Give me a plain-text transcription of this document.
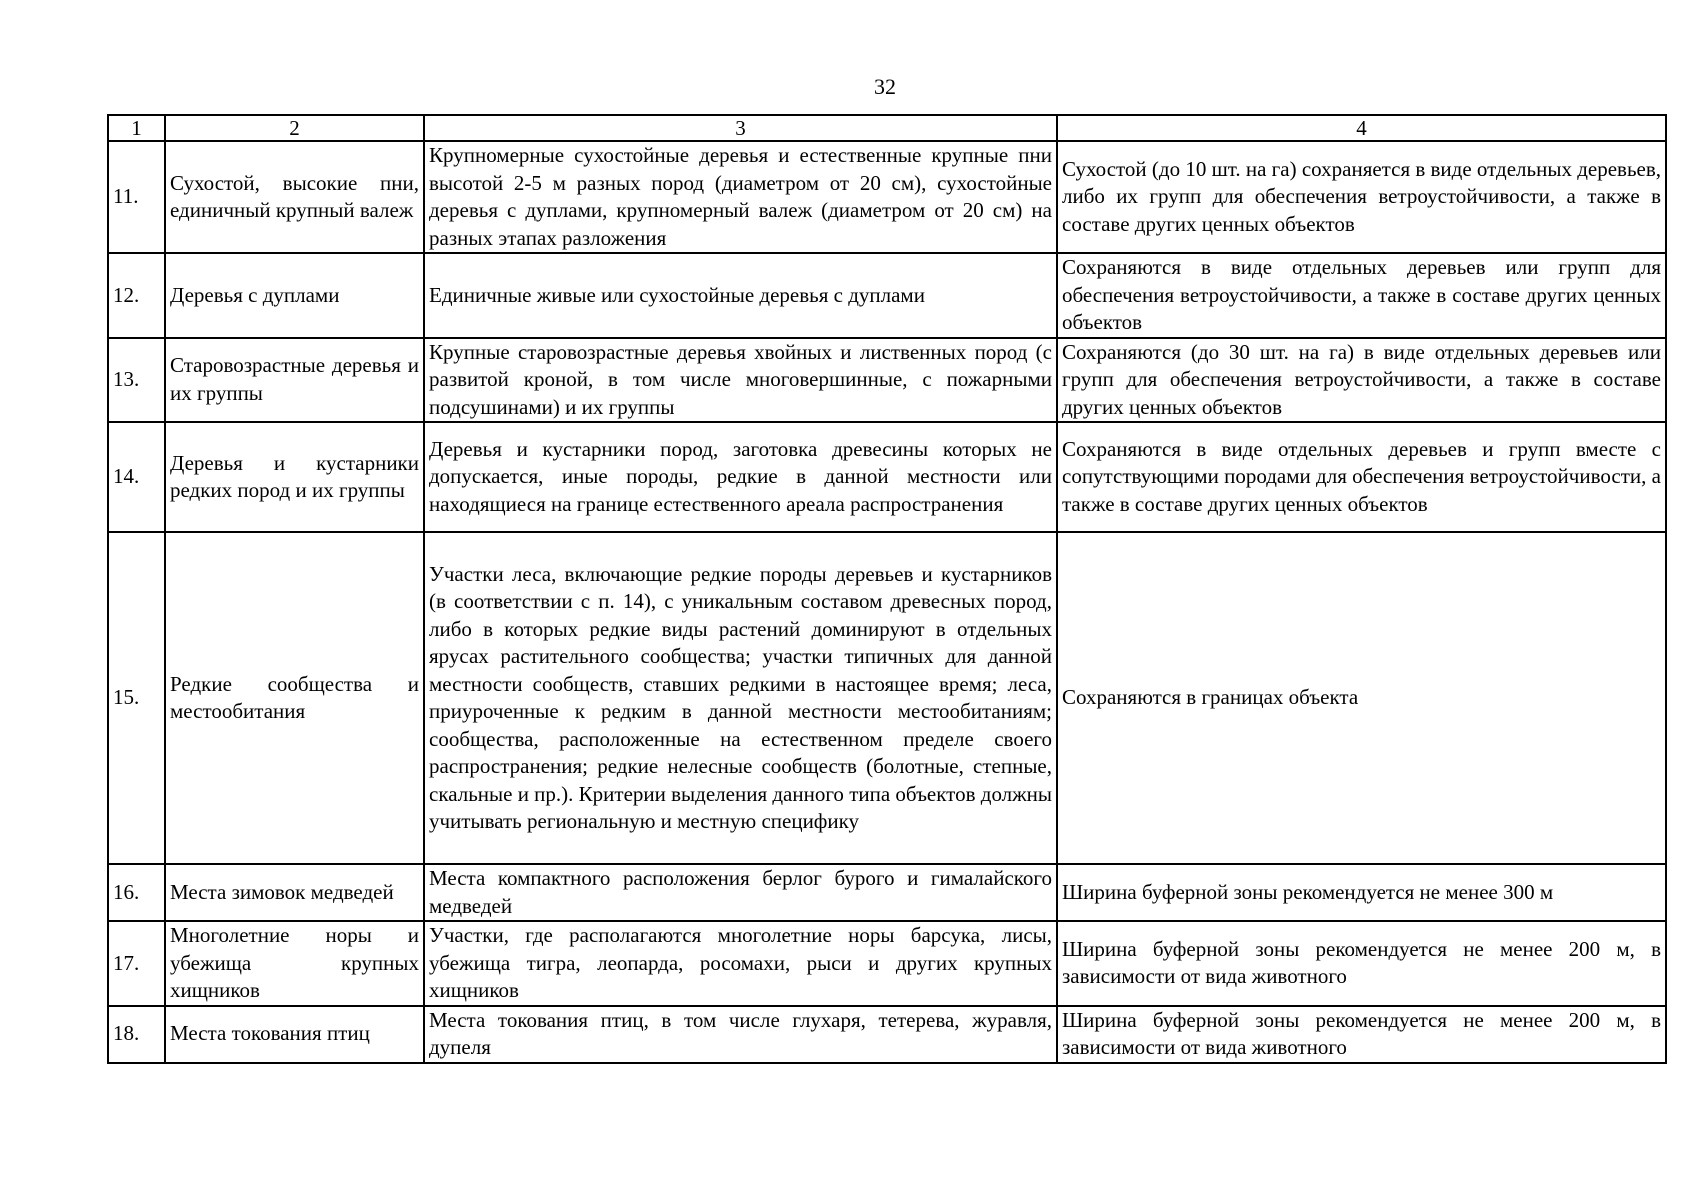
32
1	2	3	4
11.	Сухостой, высокие пни, единичный крупный валеж	Крупномерные сухостойные деревья и естественные крупные пни высотой 2-5 м разных пород (диаметром от 20 см), сухостойные деревья с дуплами, крупномерный валеж (диаметром от 20 см) на разных этапах разложения	Сухостой (до 10 шт. на га) сохраняется в виде отдельных деревьев, либо их групп для обеспечения ветроустойчивости, а также в составе других ценных объектов
12.	Деревья с дуплами	Единичные живые или сухостойные деревья с дуплами	Сохраняются в виде отдельных деревьев или групп для обеспечения ветроустойчивости, а также в составе других ценных объектов
13.	Старовозрастные деревья и их группы	Крупные старовозрастные деревья хвойных и лиственных пород (с развитой кроной, в том числе многовершинные, с пожарными подсушинами) и их группы	Сохраняются (до 30 шт. на га) в виде отдельных деревьев или групп для обеспечения ветроустойчивости, а также в составе других ценных объектов
14.	Деревья и кустарники редких пород и их группы	Деревья и кустарники пород, заготовка древесины которых не допускается, иные породы, редкие в данной местности или находящиеся на границе естественного ареала распространения	Сохраняются в виде отдельных деревьев и групп вместе с сопутствующими породами для обеспечения ветроустойчивости, а также в составе других ценных объектов
15.	Редкие сообщества и местообитания	Участки леса, включающие редкие породы деревьев и кустарников (в соответствии с п. 14), с уникальным составом древесных пород, либо в которых редкие виды растений доминируют в отдельных ярусах растительного сообщества; участки типичных для данной местности сообществ, ставших редкими в настоящее время; леса, приуроченные к редким в данной местности местообитаниям; сообщества, расположенные на естественном пределе своего распространения; редкие нелесные сообществ (болотные, степные, скальные и пр.). Критерии выделения данного типа объектов должны учитывать региональную и местную специфику	Сохраняются в границах объекта
16.	Места зимовок медведей	Места компактного расположения берлог бурого и гималайского медведей	Ширина буферной зоны рекомендуется не менее 300 м
17.	Многолетние норы и убежища крупных хищников	Участки, где располагаются многолетние норы барсука, лисы, убежища тигра, леопарда, росомахи, рыси и других крупных хищников	Ширина буферной зоны рекомендуется не менее 200 м, в зависимости от вида животного
18.	Места токования птиц	Места токования птиц, в том числе глухаря, тетерева, журавля, дупеля	Ширина буферной зоны рекомендуется не менее 200 м, в зависимости от вида животного
